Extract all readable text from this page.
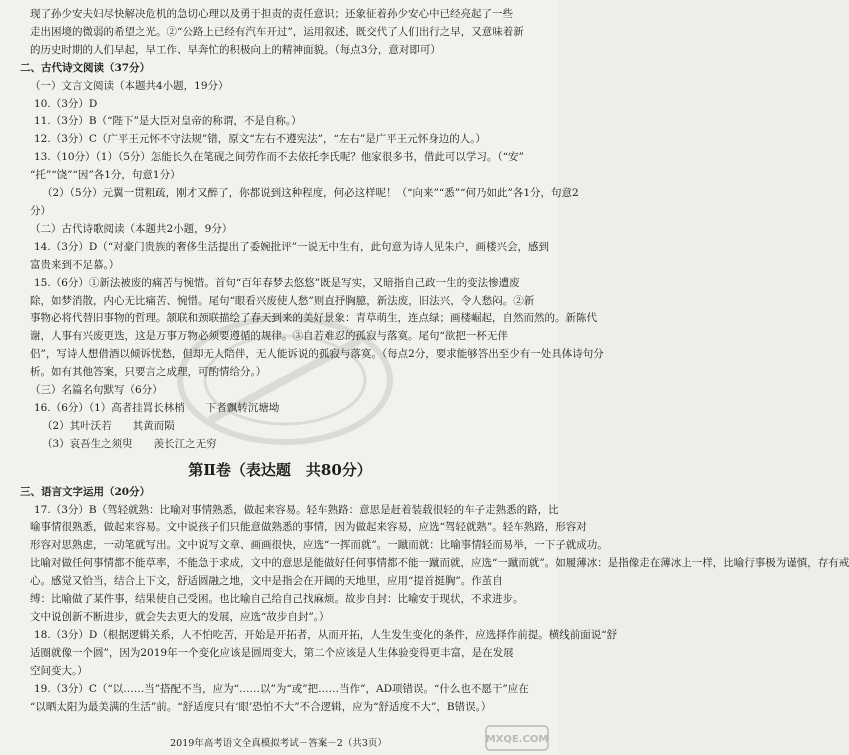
现了孙少安夫妇尽快解决危机的急切心理以及勇于担责的责任意识；还象征着孙少安心中已经亮起了一些
走出困境的微弱的希望之光。②“公路上已经有汽车开过”，运用叙述，既交代了人们出行之早，又意味着新
的历史时期的人们早起，早工作、早奔忙的积极向上的精神面貌。（每点3分，意对即可）
二、古代诗文阅读（37分）
（一）文言文阅读（本题共4小题，19分）
10.（3分）D
11.（3分）B（“陛下”是大臣对皇帝的称谓，不是自称。）
12.（3分）C（广平王元怀不守法规”错，原文“左右不遵宪法”，“左右”是广平王元怀身边的人。）
13.（10分）（1）（5分）怎能长久在笔砚之间劳作而不去依托李氏呢？他家很多书，借此可以学习。（“安”
“托”“饶”“因”各1分，句意1分）
（2）（5分）元翼一贯粗疏，刚才又醉了，你都说到这种程度，何必这样呢！（“向来”“悉”“何乃如此”各1分，句意2
分）
（二）古代诗歌阅读（本题共2小题，9分）
14.（3分）D（“对豪门贵族的奢侈生活提出了委婉批评”一说无中生有，此句意为诗人见朱户，画楼兴会，感到
富贵来到不足慕。）
15.（6分）①新法被废的痛苦与惋惜。首句“百年春梦去悠悠”既是写实，又暗指自己政一生的变法惨遭废
除，如梦消散，内心无比痛苦、惋惜。尾句“眼看兴废使人愁”则直抒胸臆，新法废，旧法兴，令人愁闷。②新
事物必将代替旧事物的哲理。颔联和颈联描绘了春天到来的美好景象：青草萌生，连点绿；画楼崛起，自然而然的。新陈代
谢，人事有兴废更迭，这是万事万物必须要遵循的规律。③自若难忍的孤寂与落寞。尾句“欲把一杯无伴
侣”，写诗人想借酒以倾诉忧愁，但却无人陪伴，无人能诉说的孤寂与落寞。（每点2分，要求能够答出至少有一处具体诗句分
析。如有其他答案，只要言之成理，可酌情给分。）
（三）名篇名句默写（6分）
16.（6分）（1）高者挂罥长林梢　　下者飘转沉塘坳
（2）其叶沃若　　其黄而陨
（3）哀吾生之须臾　　羡长江之无穷
第Ⅱ卷（表达题　共80分）
三、语言文字运用（20分）
17.（3分）B（驾轻就熟：比喻对事情熟悉，做起来容易。轻车熟路：意思是赶着装载很轻的车子走熟悉的路，比
喻事情很熟悉，做起来容易。文中说孩子们只能意做熟悉的事情，因为做起来容易，应选“驾轻就熟”。轻车熟路，形容对
形容对思熟虑，一动笔就写出。文中说写文章、画画很快，应选“一挥而就”。一蹴而就：比喻事情轻而易举，一下子就成功。
比喻对做任何事情都不能草率，不能急于求成，文中的意思是能做好任何事情都不能一蹴而就，应选“一蹴而就”。如履薄冰：是指像走在薄冰上一样，比喻行事极为谨慎，存有戒
心。感觉又恰当，结合上下文，舒适圆融之地，文中是指会在开阔的天地里，应用“提首挺胸”。作茧自
缚：比喻做了某件事，结果使自己受困。也比喻自己给自己找麻烦。故步自封：比喻安于现状，不求进步。
文中说创新不断进步，就会失去更大的发展，应选“故步自封”。）
18.（3分）D（根据逻辑关系，人不怕吃苦，开始是开拓者，从而开拓，人生发生变化的条件，应选择作前提。横线前面说“舒
适圈就像一个圆”，因为2019年一个变化应该是圆周变大，第二个应该是人生体验变得更丰富，是在发展
空间变大。）
19.（3分）C（“以……当”搭配不当，应为“……以”为“或”把……当作”，AD项错误。“什么也不愿干”应在
“以晒太阳为最美满的生活”前。“舒适度只有‘眼’恐怕不大”不合逻辑，应为“舒适度不大”，B错误。）
2019年高考语文全真模拟考试－答案－2（共3页）	MXQE.COM
